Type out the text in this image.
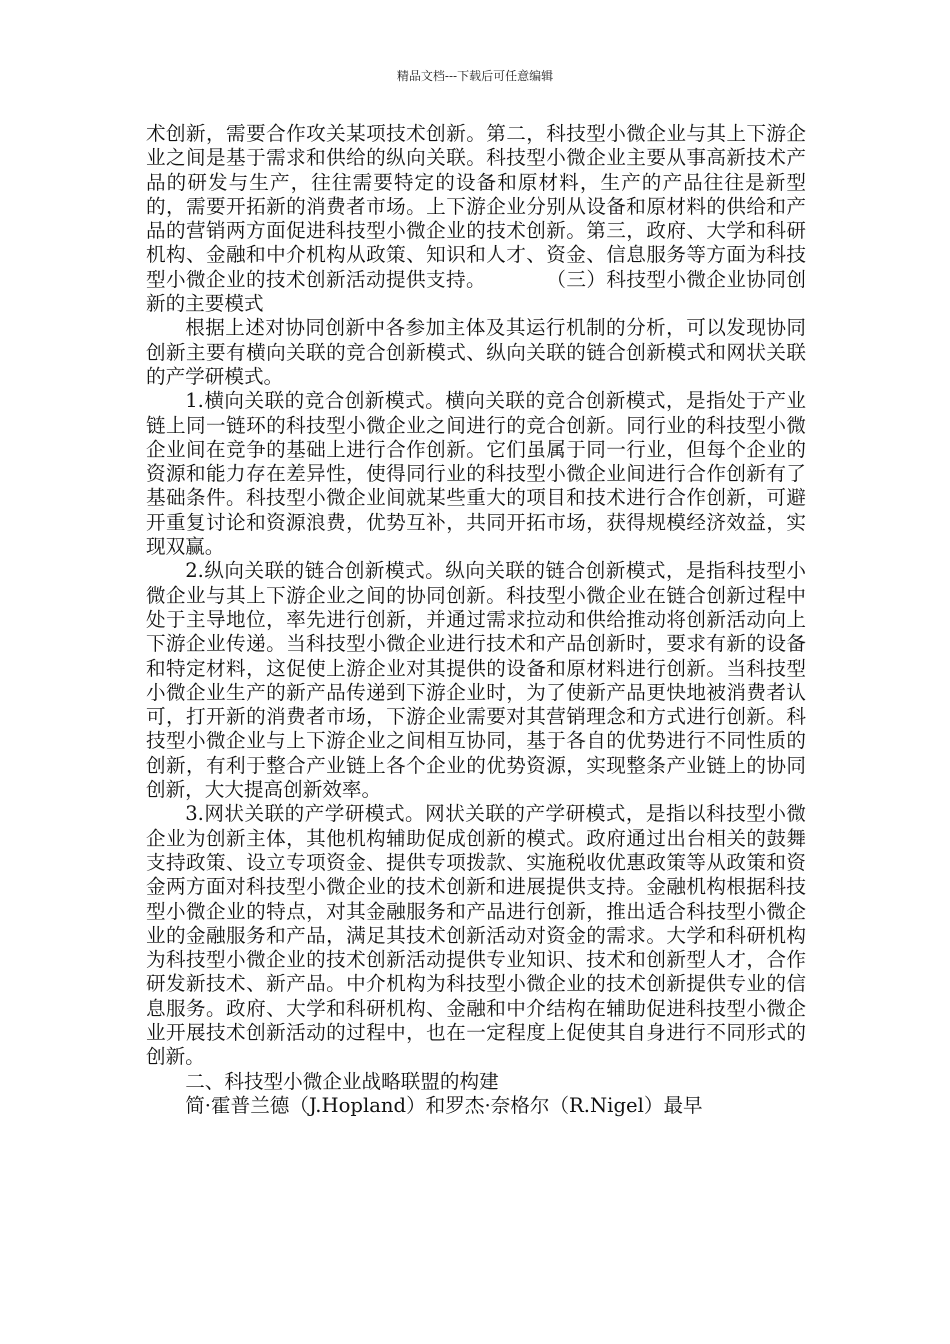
精品文档---下载后可任意编辑

术创新，需要合作攻关某项技术创新。第二，科技型小微企业与其上下游企业之间是基于需求和供给的纵向关联。科技型小微企业主要从事高新技术产品的研发与生产，往往需要特定的设备和原材料，生产的产品往往是新型的，需要开拓新的消费者市场。上下游企业分别从设备和原材料的供给和产品的营销两方面促进科技型小微企业的技术创新。第三，政府、大学和科研机构、金融和中介机构从政策、知识和人才、资金、信息服务等方面为科技型小微企业的技术创新活动提供支持。　　　　（三）科技型小微企业协同创新的主要模式

根据上述对协同创新中各参加主体及其运行机制的分析，可以发现协同创新主要有横向关联的竞合创新模式、纵向关联的链合创新模式和网状关联的产学研模式。

1.横向关联的竞合创新模式。横向关联的竞合创新模式，是指处于产业链上同一链环的科技型小微企业之间进行的竞合创新。同行业的科技型小微企业间在竞争的基础上进行合作创新。它们虽属于同一行业，但每个企业的资源和能力存在差异性，使得同行业的科技型小微企业间进行合作创新有了基础条件。科技型小微企业间就某些重大的项目和技术进行合作创新，可避开重复讨论和资源浪费，优势互补，共同开拓市场，获得规模经济效益，实现双赢。

2.纵向关联的链合创新模式。纵向关联的链合创新模式，是指科技型小微企业与其上下游企业之间的协同创新。科技型小微企业在链合创新过程中处于主导地位，率先进行创新，并通过需求拉动和供给推动将创新活动向上下游企业传递。当科技型小微企业进行技术和产品创新时，要求有新的设备和特定材料，这促使上游企业对其提供的设备和原材料进行创新。当科技型小微企业生产的新产品传递到下游企业时，为了使新产品更快地被消费者认可，打开新的消费者市场，下游企业需要对其营销理念和方式进行创新。科技型小微企业与上下游企业之间相互协同，基于各自的优势进行不同性质的创新，有利于整合产业链上各个企业的优势资源，实现整条产业链上的协同创新，大大提高创新效率。

3.网状关联的产学研模式。网状关联的产学研模式，是指以科技型小微企业为创新主体，其他机构辅助促成创新的模式。政府通过出台相关的鼓舞支持政策、设立专项资金、提供专项拨款、实施税收优惠政策等从政策和资金两方面对科技型小微企业的技术创新和进展提供支持。金融机构根据科技型小微企业的特点，对其金融服务和产品进行创新，推出适合科技型小微企业的金融服务和产品，满足其技术创新活动对资金的需求。大学和科研机构为科技型小微企业的技术创新活动提供专业知识、技术和创新型人才，合作研发新技术、新产品。中介机构为科技型小微企业的技术创新提供专业的信息服务。政府、大学和科研机构、金融和中介结构在辅助促进科技型小微企业开展技术创新活动的过程中，也在一定程度上促使其自身进行不同形式的创新。

二、科技型小微企业战略联盟的构建

简·霍普兰德（J.Hopland）和罗杰·奈格尔（R.Nigel）最早
